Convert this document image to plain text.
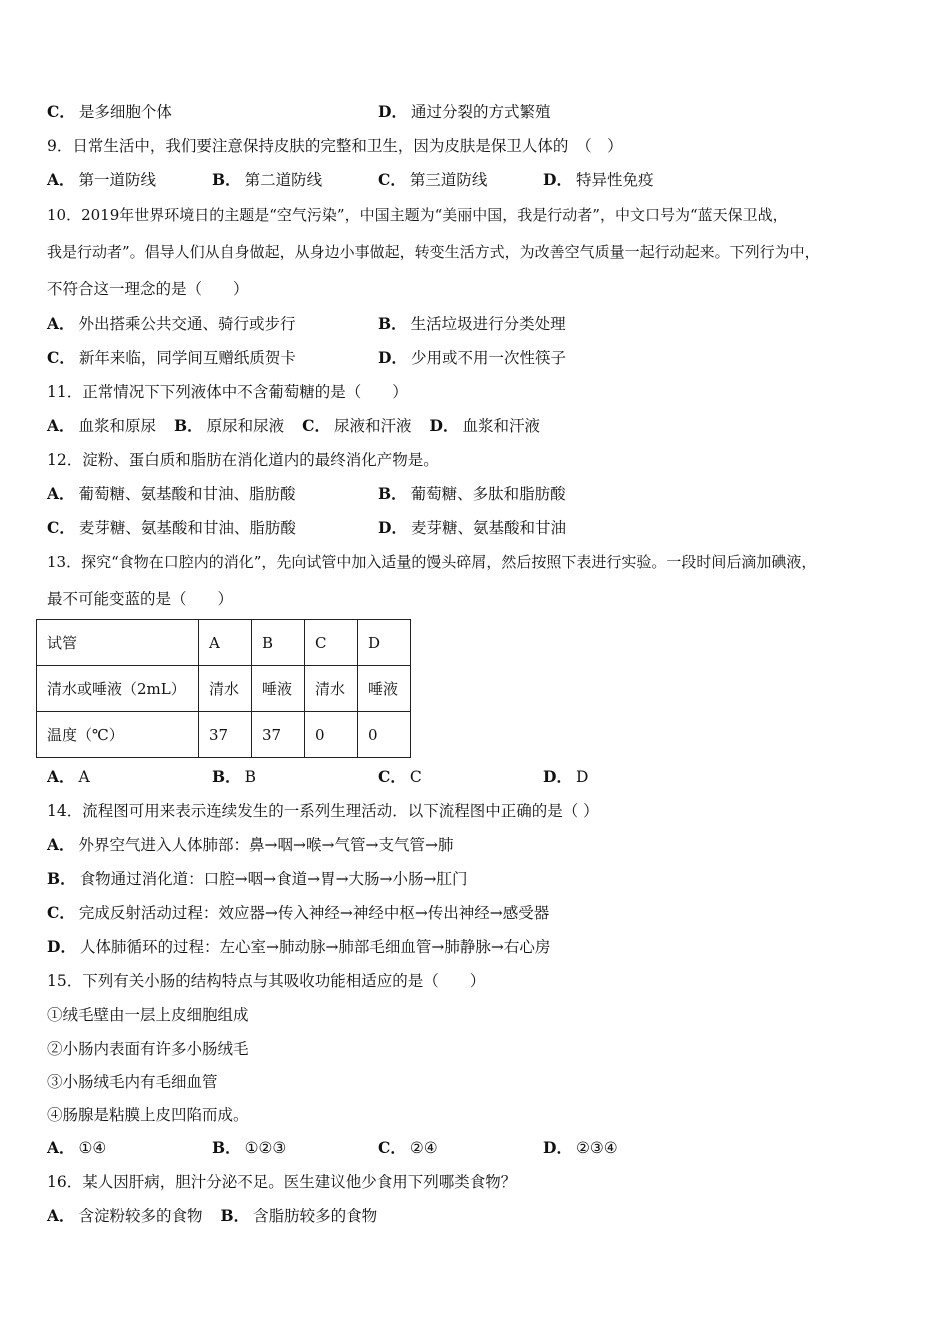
C． 是多细胞个体	D． 通过分裂的方式繁殖
9．日常生活中，我们要注意保持皮肤的完整和卫生，因为皮肤是保卫人体的　（　）
A． 第一道防线	B． 第二道防线	C． 第三道防线	D． 特异性免疫
10．2019年世界环境日的主题是“空气污染”，中国主题为“美丽中国，我是行动者”，中文口号为“蓝天保卫战，
我是行动者”。倡导人们从自身做起，从身边小事做起，转变生活方式，为改善空气质量一起行动起来。下列行为中，
不符合这一理念的是（　　）
A． 外出搭乘公共交通、骑行或步行	B． 生活垃圾进行分类处理
C． 新年来临，同学间互赠纸质贺卡	D． 少用或不用一次性筷子
11．正常情况下下列液体中不含葡萄糖的是（　　）
A． 血浆和原尿 B． 原尿和尿液 C． 尿液和汗液 D． 血浆和汗液
12．淀粉、蛋白质和脂肪在消化道内的最终消化产物是。
A． 葡萄糖、氨基酸和甘油、脂肪酸	B． 葡萄糖、多肽和脂肪酸
C． 麦芽糖、氨基酸和甘油、脂肪酸	D． 麦芽糖、氨基酸和甘油
13．探究“食物在口腔内的消化”，先向试管中加入适量的馒头碎屑，然后按照下表进行实验。一段时间后滴加碘液，
最不可能变蓝的是（　　）
试管	A	B	C	D
清水或唾液（2mL）	清水	唾液	清水	唾液
温度（℃）	37	37	0	0
A． A	B． B	C． C	D． D
14．流程图可用来表示连续发生的一系列生理活动．以下流程图中正确的是（ ）
A． 外界空气进入人体肺部：鼻→咽→喉→气管→支气管→肺
B． 食物通过消化道：口腔→咽→食道→胃→大肠→小肠→肛门
C． 完成反射活动过程：效应器→传入神经→神经中枢→传出神经→感受器
D． 人体肺循环的过程：左心室→肺动脉→肺部毛细血管→肺静脉→右心房
15．下列有关小肠的结构特点与其吸收功能相适应的是（　　）
①绒毛壁由一层上皮细胞组成
②小肠内表面有许多小肠绒毛
③小肠绒毛内有毛细血管
④肠腺是粘膜上皮凹陷而成。
A． ①④	B． ①②③	C． ②④	D． ②③④
16．某人因肝病，胆汁分泌不足。医生建议他少食用下列哪类食物？
A． 含淀粉较多的食物 B． 含脂肪较多的食物
